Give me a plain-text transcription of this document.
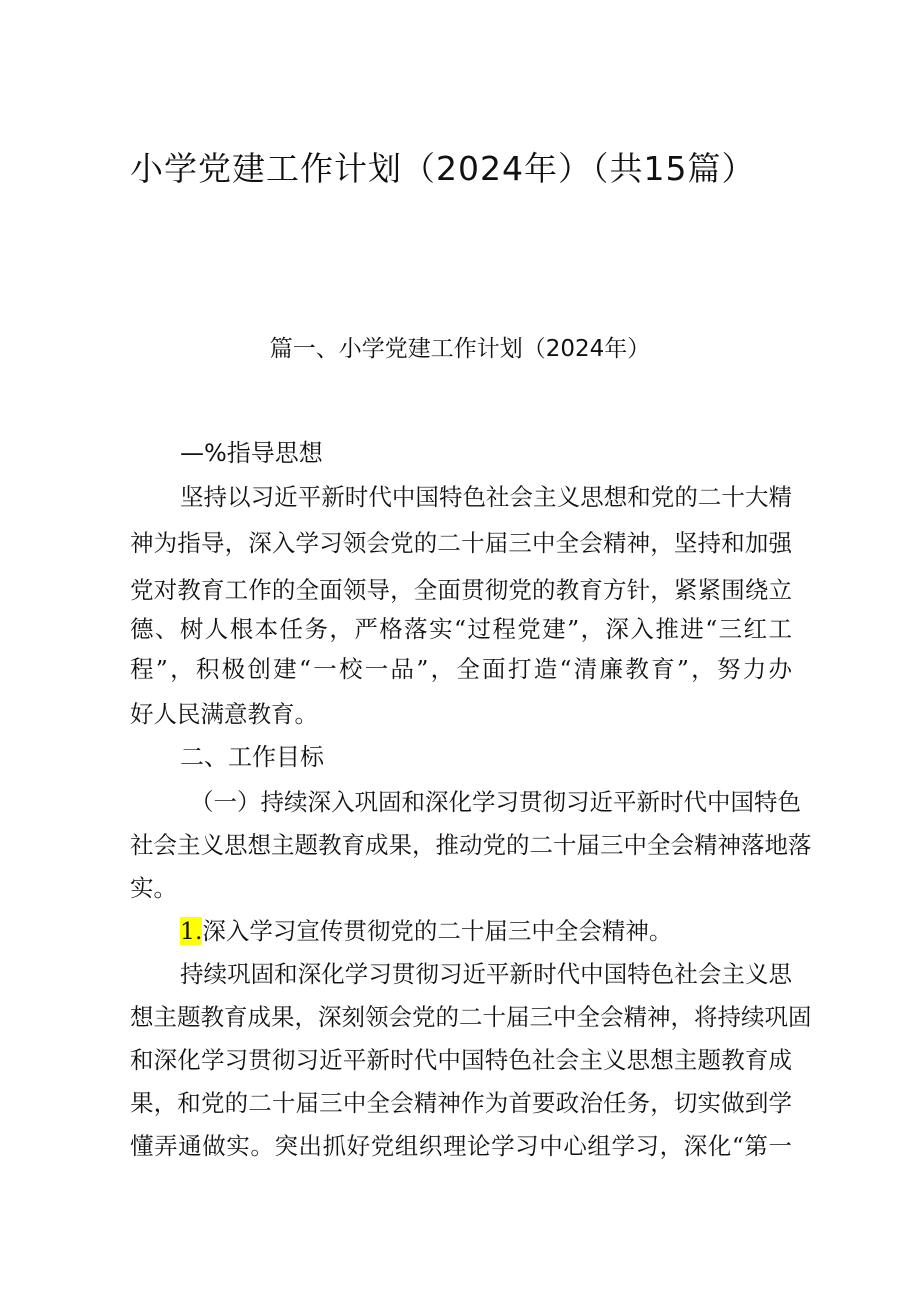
小学党建工作计划（2024年）（共15篇）
篇一、小学党建工作计划（2024年）
—%指导思想

坚持以习近平新时代中国特色社会主义思想和党的二十大精

神为指导，深入学习领会党的二十届三中全会精神，坚持和加强

党对教育工作的全面领导，全面贯彻党的教育方针，紧紧围绕立

德、树人根本任务，严格落实“过程党建”，深入推进“三红工

程”，积极创建“一校一品”，全面打造“清廉教育”，努力办

好人民满意教育。

二、工作目标

（一）持续深入巩固和深化学习贯彻习近平新时代中国特色

社会主义思想主题教育成果，推动党的二十届三中全会精神落地落

实。

1.深入学习宣传贯彻党的二十届三中全会精神。

持续巩固和深化学习贯彻习近平新时代中国特色社会主义思

想主题教育成果，深刻领会党的二十届三中全会精神，将持续巩固

和深化学习贯彻习近平新时代中国特色社会主义思想主题教育成

果，和党的二十届三中全会精神作为首要政治任务，切实做到学

懂弄通做实。突出抓好党组织理论学习中心组学习，深化“第一
